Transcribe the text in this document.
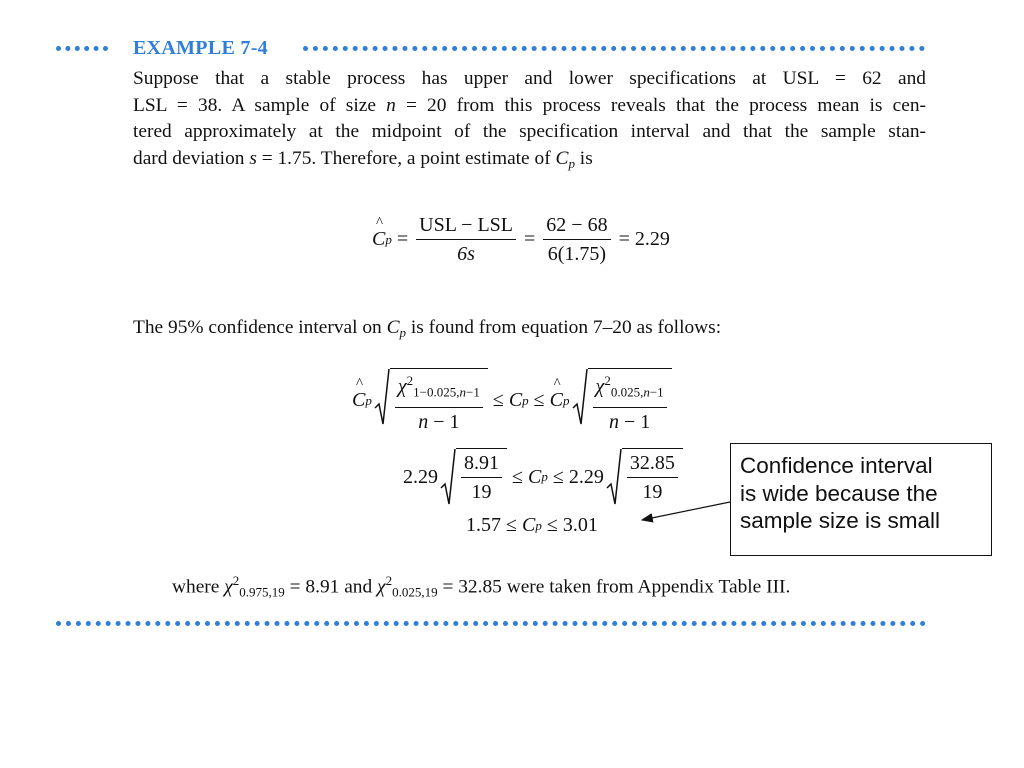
EXAMPLE 7-4
Suppose that a stable process has upper and lower specifications at USL = 62 and
LSL = 38. A sample of size n = 20 from this process reveals that the process mean is cen-
tered approximately at the midpoint of the specification interval and that the sample stan-
dard deviation s = 1.75. Therefore, a point estimate of $C_p$ is
^ C $p = \frac{\text{USL − LSL}}{6s} = \frac{62 - 68}{6(1.75)} = 2.29$
The 95% confidence interval on $C_p$ is found from equation 7–20 as follows:
^ C p $\frac{\chi^2_{1-0.025,n-1}}{n - 1} \le C$ p ≤
^ C p $\frac{\chi^2_{0.025,n-1}}{n - 1}$
$2.29 \frac{8.91}{19} \le C$ $p \le 2.29 \frac{32.85}{19}$
1.57 ≤ C p ≤ 3.01
where $\chi^2_{0.975,19} = 8.91$ and $\chi^2_{0.025,19} = 32.85$ were taken from Appendix Table III.
Confidence interval
is wide because the
sample size is small
